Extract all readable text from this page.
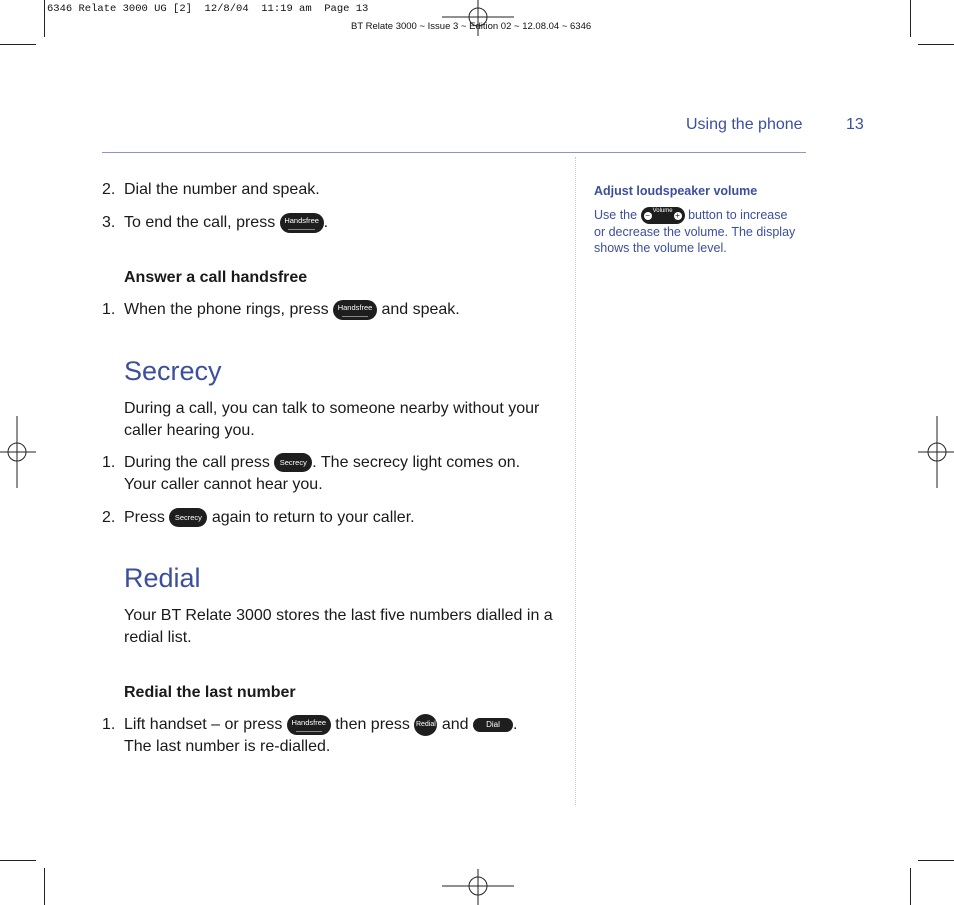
6346 Relate 3000 UG [2]  12/8/04  11:19 am  Page 13
BT Relate 3000 ~ Issue 3 ~ Edition 02 ~ 12.08.04 ~ 6346
Using the phone	13
2. Dial the number and speak.
3. To end the call, press	Handsfree .
Answer a call handsfree
1. When the phone rings, press	Handsfree and speak.
Secrecy
During a call, you can talk to someone nearby without your caller hearing you.
1. During the call press	Secrecy . The secrecy light comes on.
Your caller cannot hear you.
2. Press	Secrecy again to return to your caller.
Redial
Your BT Relate 3000 stores the last five numbers dialled in a redial list.
Redial the last number
1. Lift handset – or press	Handsfree then press Redial and	Dial .
The last number is re-dialled.
Adjust loudspeaker volume
Use the	Volume
−	+ button to increase
or decrease the volume. The display
shows the volume level.
